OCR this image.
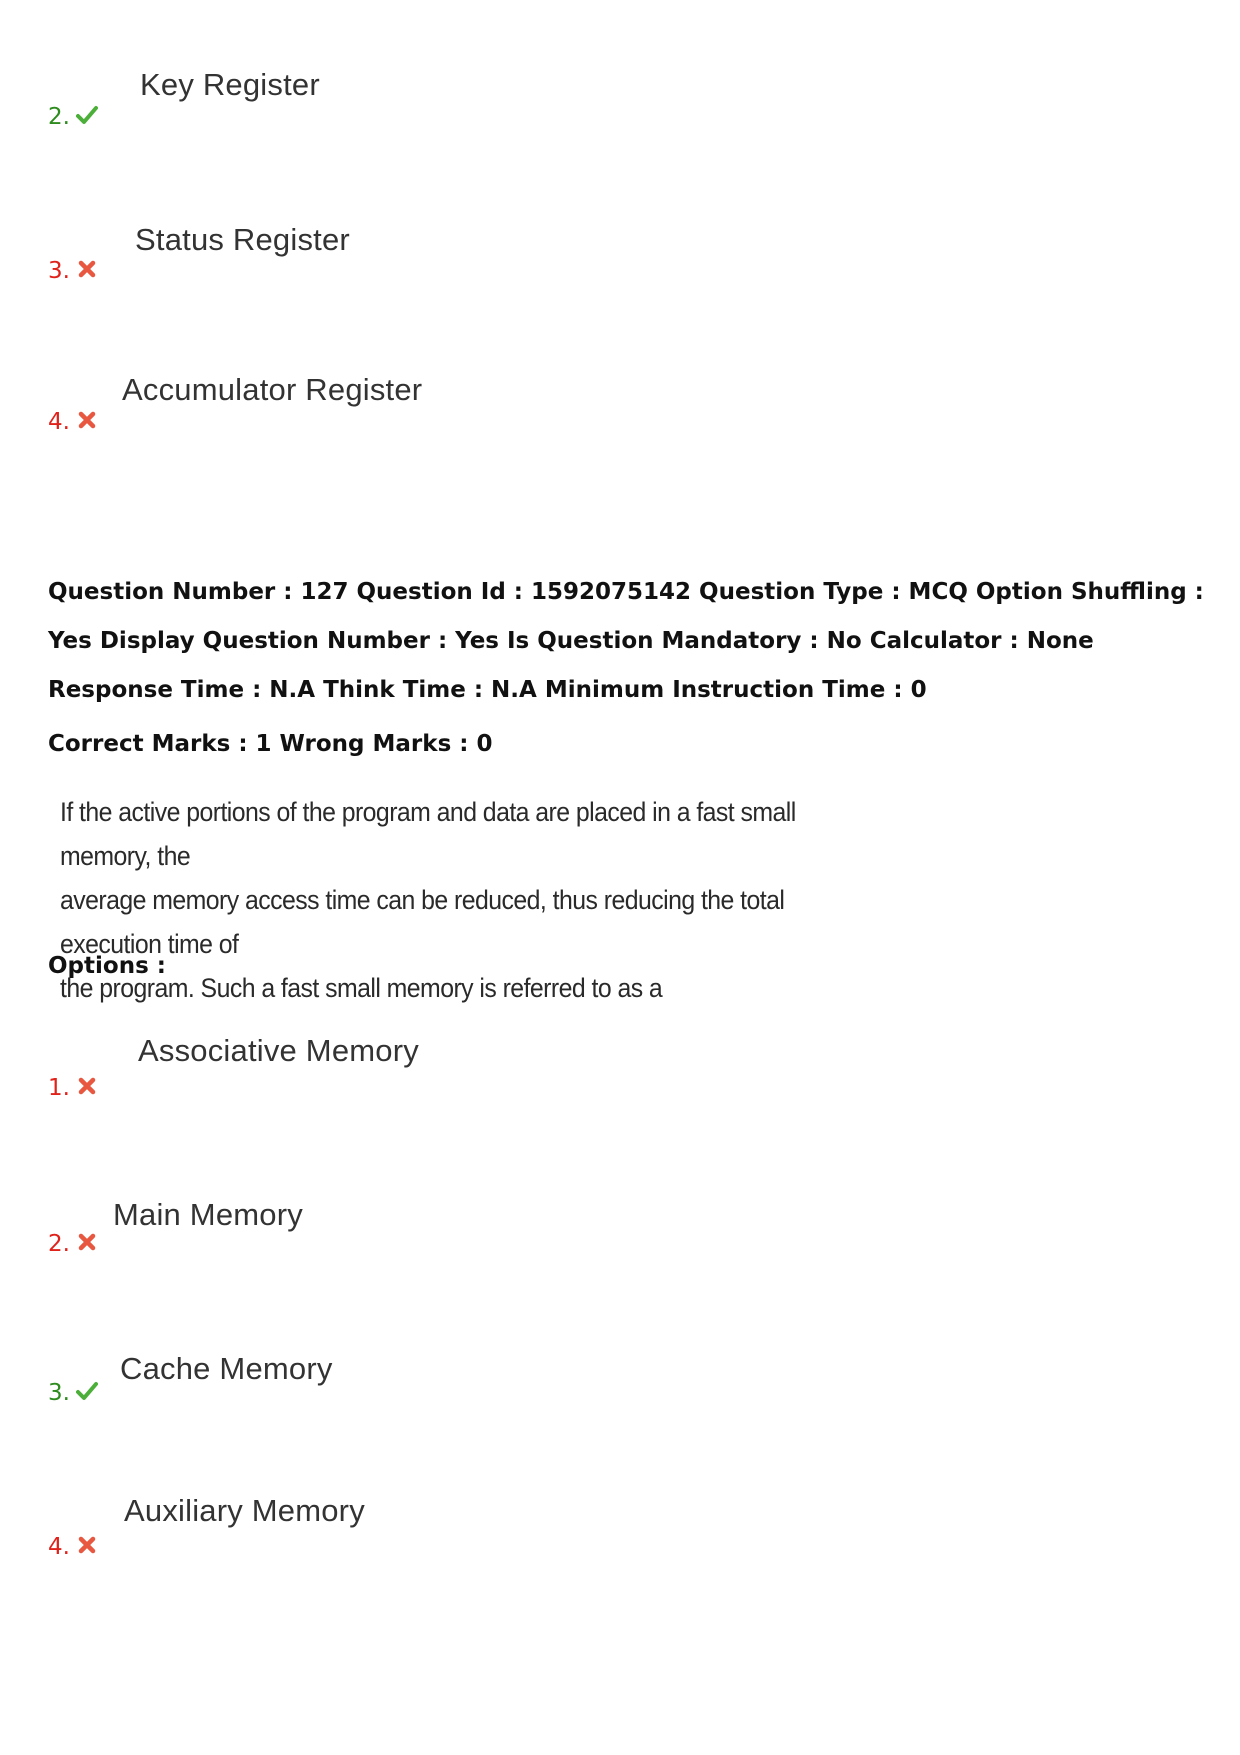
2.
Key Register
3.
Status Register
4.
Accumulator Register
Question Number : 127 Question Id : 1592075142 Question Type : MCQ Option Shuffling : Yes Display Question Number : Yes Is Question Mandatory : No Calculator : None Response Time : N.A Think Time : N.A Minimum Instruction Time : 0
Correct Marks : 1 Wrong Marks : 0
If the active portions of the program and data are placed in a fast small memory, the
average memory access time can be reduced, thus reducing the total execution time of
the program. Such a fast small memory is referred to as a
Options :
1.
Associative Memory
2.
Main Memory
3.
Cache Memory
4.
Auxiliary Memory
